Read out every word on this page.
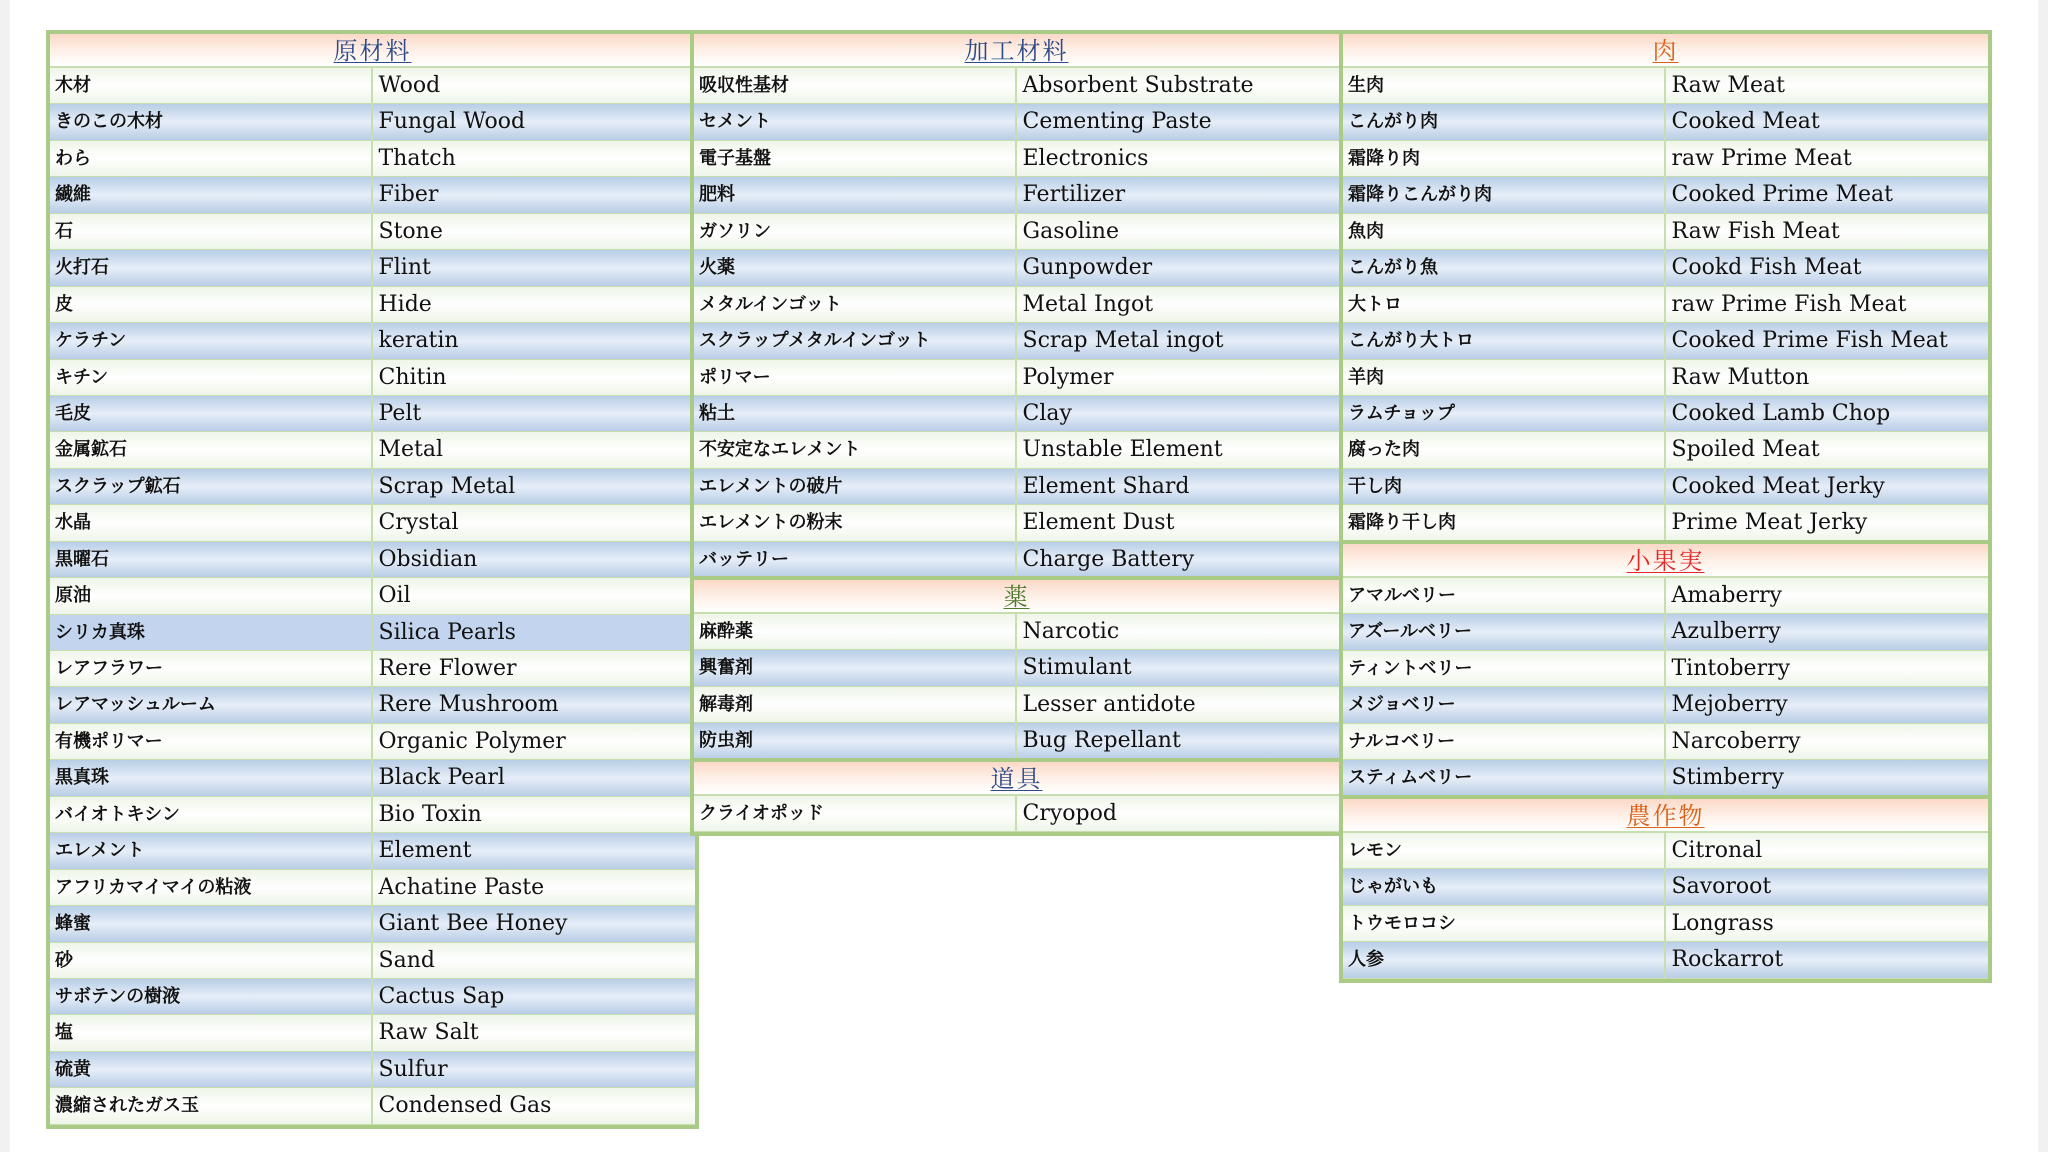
原材料
木材	Wood
きのこの木材	Fungal Wood
わら	Thatch
繊維	Fiber
石	Stone
火打石	Flint
皮	Hide
ケラチン	keratin
キチン	Chitin
毛皮	Pelt
金属鉱石	Metal
スクラップ鉱石	Scrap Metal
水晶	Crystal
黒曜石	Obsidian
原油	Oil
シリカ真珠	Silica Pearls
レアフラワー	Rere Flower
レアマッシュルーム	Rere Mushroom
有機ポリマー	Organic Polymer
黒真珠	Black Pearl
バイオトキシン	Bio Toxin
エレメント	Element
アフリカマイマイの粘液	Achatine Paste
蜂蜜	Giant Bee Honey
砂	Sand
サボテンの樹液	Cactus Sap
塩	Raw Salt
硫黄	Sulfur
濃縮されたガス玉	Condensed Gas
加工材料
吸収性基材	Absorbent Substrate
セメント	Cementing Paste
電子基盤	Electronics
肥料	Fertilizer
ガソリン	Gasoline
火薬	Gunpowder
メタルインゴット	Metal Ingot
スクラップメタルインゴット	Scrap Metal ingot
ポリマー	Polymer
粘土	Clay
不安定なエレメント	Unstable Element
エレメントの破片	Element Shard
エレメントの粉末	Element Dust
バッテリー	Charge Battery
薬
麻酔薬	Narcotic
興奮剤	Stimulant
解毒剤	Lesser antidote
防虫剤	Bug Repellant
道具
クライオポッド	Cryopod
肉
生肉	Raw Meat
こんがり肉	Cooked Meat
霜降り肉	raw Prime Meat
霜降りこんがり肉	Cooked Prime Meat
魚肉	Raw Fish Meat
こんがり魚	Cookd Fish Meat
大トロ	raw Prime Fish Meat
こんがり大トロ	Cooked Prime Fish Meat
羊肉	Raw Mutton
ラムチョップ	Cooked Lamb Chop
腐った肉	Spoiled Meat
干し肉	Cooked Meat Jerky
霜降り干し肉	Prime Meat Jerky
小果実
アマルベリー	Amaberry
アズールベリー	Azulberry
ティントベリー	Tintoberry
メジョベリー	Mejoberry
ナルコベリー	Narcoberry
スティムベリー	Stimberry
農作物
レモン	Citronal
じゃがいも	Savoroot
トウモロコシ	Longrass
人参	Rockarrot
